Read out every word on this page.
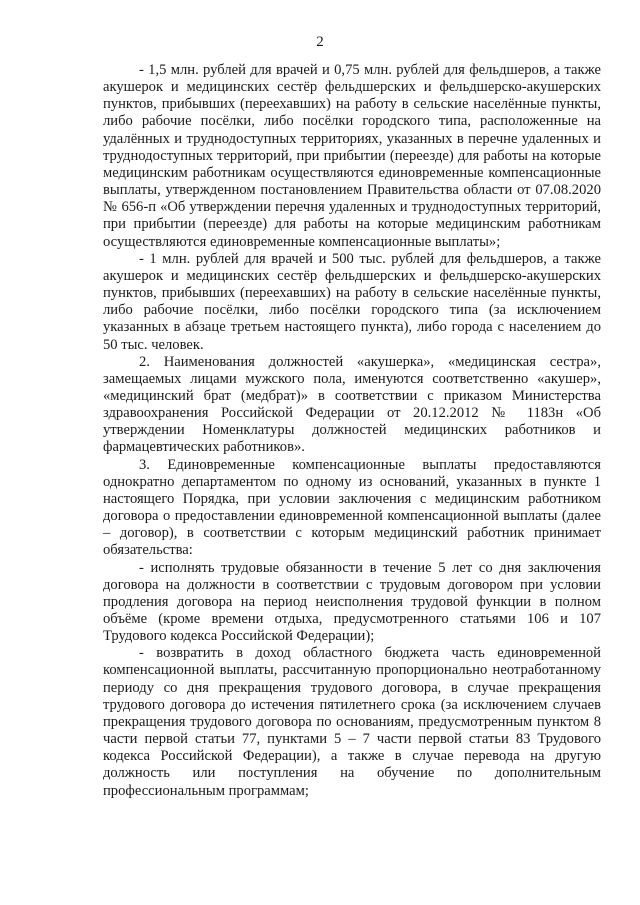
2

- 1,5 млн. рублей для врачей и 0,75 млн. рублей для фельдшеров, а также акушерок и медицинских сестёр фельдшерских и фельдшерско-акушерских пунктов, прибывших (переехавших) на работу в сельские населённые пункты, либо рабочие посёлки, либо посёлки городского типа, расположенные на удалённых и труднодоступных территориях, указанных в перечне удаленных и труднодоступных территорий, при прибытии (переезде) для работы на которые медицинским работникам осуществляются единовременные компенсационные выплаты, утвержденном постановлением Правительства области от 07.08.2020 № 656-п «Об утверждении перечня удаленных и труднодоступных территорий, при прибытии (переезде) для работы на которые медицинским работникам осуществляются единовременные компенсационные выплаты»;

- 1 млн. рублей для врачей и 500 тыс. рублей для фельдшеров, а также акушерок и медицинских сестёр фельдшерских и фельдшерско-акушерских пунктов, прибывших (переехавших) на работу в сельские населённые пункты, либо рабочие посёлки, либо посёлки городского типа (за исключением указанных в абзаце третьем настоящего пункта), либо города с населением до 50 тыс. человек.

2. Наименования должностей «акушерка», «медицинская сестра», замещаемых лицами мужского пола, именуются соответственно «акушер», «медицинский брат (медбрат)» в соответствии с приказом Министерства здравоохранения Российской Федерации от 20.12.2012 № 1183н «Об утверждении Номенклатуры должностей медицинских работников и фармацевтических работников».

3. Единовременные компенсационные выплаты предоставляются однократно департаментом по одному из оснований, указанных в пункте 1 настоящего Порядка, при условии заключения с медицинским работником договора о предоставлении единовременной компенсационной выплаты (далее – договор), в соответствии с которым медицинский работник принимает обязательства:

- исполнять трудовые обязанности в течение 5 лет со дня заключения договора на должности в соответствии с трудовым договором при условии продления договора на период неисполнения трудовой функции в полном объёме (кроме времени отдыха, предусмотренного статьями 106 и 107 Трудового кодекса Российской Федерации);

- возвратить в доход областного бюджета часть единовременной компенсационной выплаты, рассчитанную пропорционально неотработанному периоду со дня прекращения трудового договора, в случае прекращения трудового договора до истечения пятилетнего срока (за исключением случаев прекращения трудового договора по основаниям, предусмотренным пунктом 8 части первой статьи 77, пунктами 5 – 7 части первой статьи 83 Трудового кодекса Российской Федерации), а также в случае перевода на другую должность или поступления на обучение по дополнительным профессиональным программам;
